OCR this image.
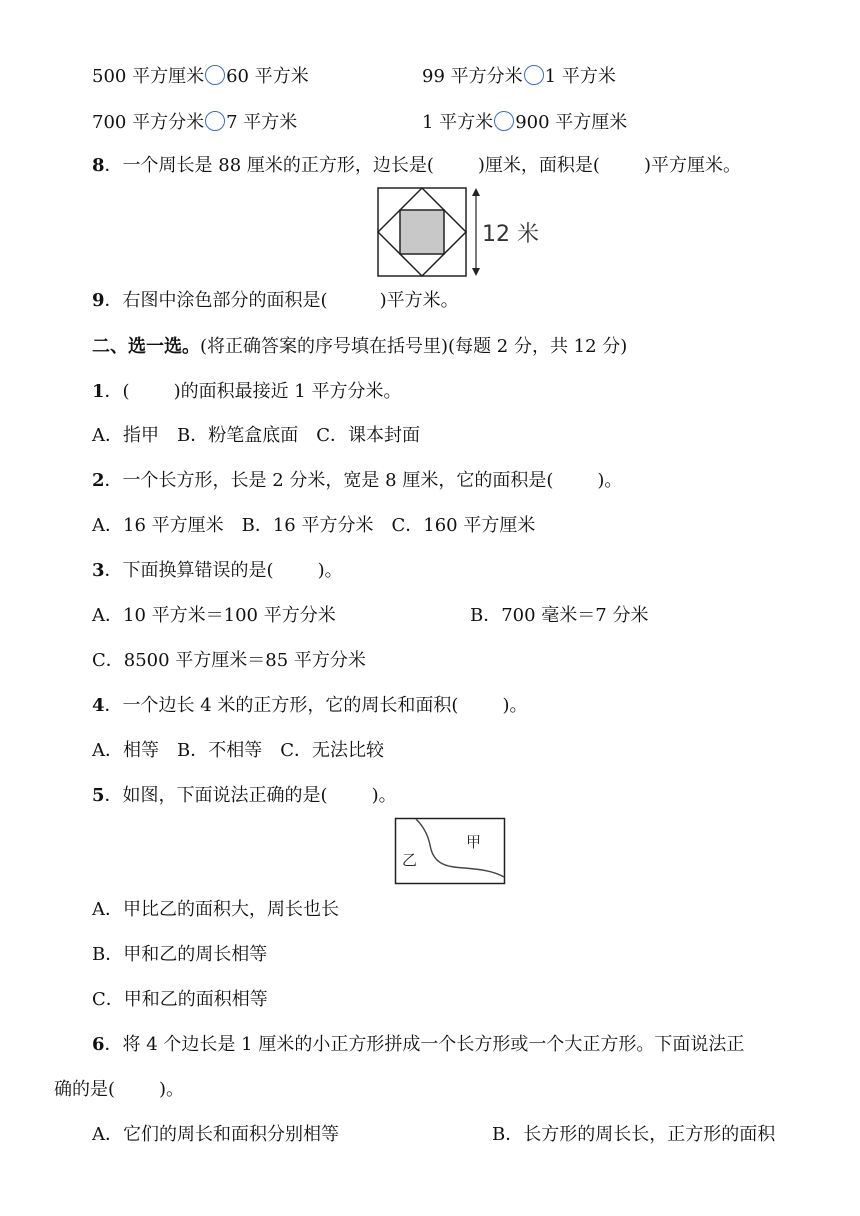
500 平方厘米 60 平方米	99 平方分米 1 平方米
700 平方分米 7 平方米	1 平方米 900 平方厘米
8．一个周长是 88 厘米的正方形，边长是( )厘米，面积是( )平方厘米。
12 米
9．右图中涂色部分的面积是(	)平方米。
二、选一选。(将正确答案的序号填在括号里)(每题 2 分，共 12 分)
1．( )的面积最接近 1 平方分米。
A．指甲　B．粉笔盒底面　C．课本封面
2．一个长方形，长是 2 分米，宽是 8 厘米，它的面积是( )。
A．16 平方厘米　B．16 平方分米　C．160 平方厘米
3．下面换算错误的是( )。
A．10 平方米＝100 平方分米	B．700 毫米＝7 分米
C．8500 平方厘米＝85 平方分米
4．一个边长 4 米的正方形，它的周长和面积( )。
A．相等　B．不相等　C．无法比较
5．如图，下面说法正确的是( )。
甲
乙
A．甲比乙的面积大，周长也长
B．甲和乙的周长相等
C．甲和乙的面积相等
6．将 4 个边长是 1 厘米的小正方形拼成一个长方形或一个大正方形。下面说法正
确的是( )。
A．它们的周长和面积分别相等	B．长方形的周长长，正方形的面积
